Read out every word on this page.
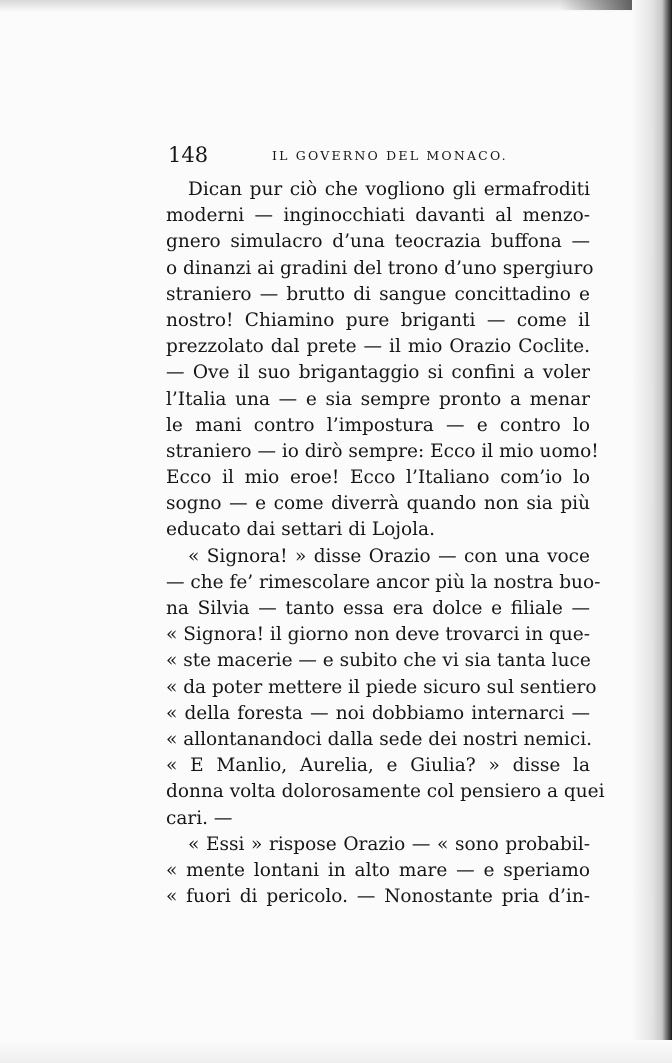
148	IL GOVERNO DEL MONACO.
Dican pur ciò che vogliono gli ermafroditi
moderni — inginocchiati davanti al menzo-
gnero simulacro d’una teocrazia buffona —
o dinanzi ai gradini del trono d’uno spergiuro
straniero — brutto di sangue concittadino e
nostro! Chiamino pure briganti — come il
prezzolato dal prete — il mio Orazio Coclite.
— Ove il suo brigantaggio si confini a voler
l’Italia una — e sia sempre pronto a menar
le mani contro l’impostura — e contro lo
straniero — io dirò sempre: Ecco il mio uomo!
Ecco il mio eroe! Ecco l’Italiano com’io lo
sogno — e come diverrà quando non sia più
educato dai settari di Lojola.
« Signora! » disse Orazio — con una voce
— che fe’ rimescolare ancor più la nostra buo-
na Silvia — tanto essa era dolce e filiale —
« Signora! il giorno non deve trovarci in que-
« ste macerie — e subito che vi sia tanta luce
« da poter mettere il piede sicuro sul sentiero
« della foresta — noi dobbiamo internarci —
« allontanandoci dalla sede dei nostri nemici.
« E Manlio, Aurelia, e Giulia? » disse la
donna volta dolorosamente col pensiero a quei
cari. —
« Essi » rispose Orazio — « sono probabil-
« mente lontani in alto mare — e speriamo
« fuori di pericolo. — Nonostante pria d’in-
